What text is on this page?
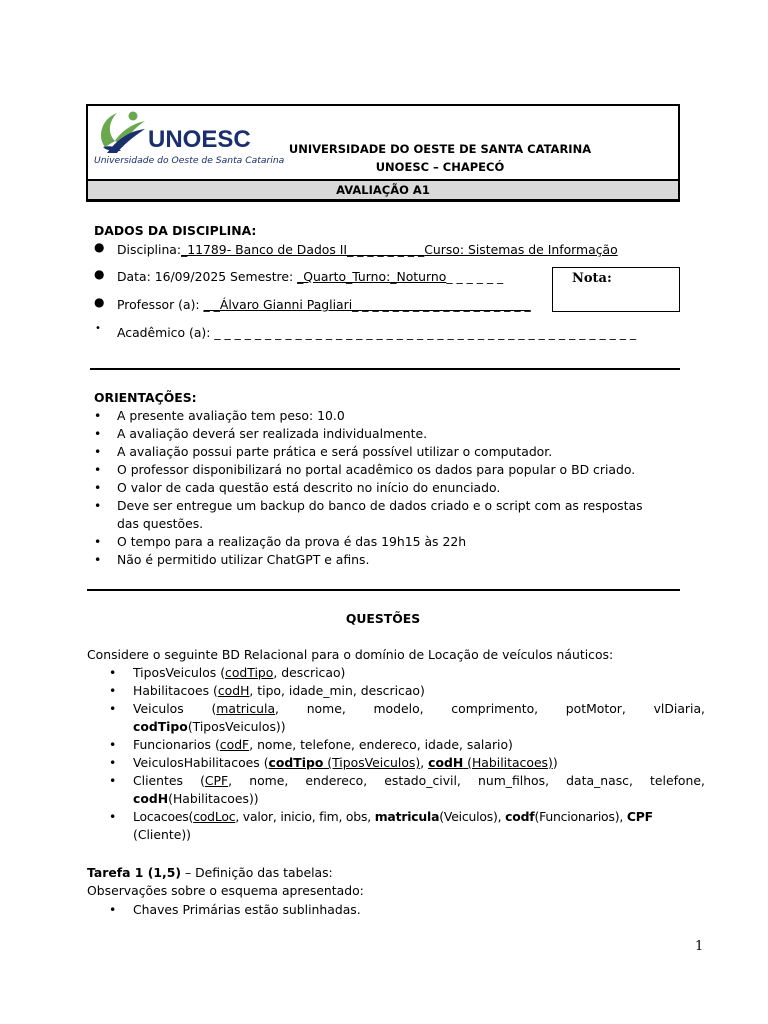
UNOESC
Universidade do Oeste de Santa Catarina
UNIVERSIDADE DO OESTE DE SANTA CATARINA
UNOESC – CHAPECÓ
AVALIAÇÃO A1
DADOS DA DISCIPLINA:
● Disciplina:_11789- Banco de Dados II_ _ _ _ _ _ _ _Curso: Sistemas de Informação
● Data: 16/09/2025 Semestre: _Quarto_Turno:_Noturno_ _ _ _ _ _	Nota:
● Professor (a): _ _Álvaro Gianni Pagliari_ _ _ _ _ _ _ _ _ _ _ _ _ _ _ _ _ _
• Acadêmico (a): _ _ _ _ _ _ _ _ _ _ _ _ _ _ _ _ _ _ _ _ _ _ _ _ _ _ _ _ _ _ _ _ _ _ _ _ _ _ _ _ _ _
ORIENTAÇÕES:
• A presente avaliação tem peso: 10.0
• A avaliação deverá ser realizada individualmente.
• A avaliação possui parte prática e será possível utilizar o computador.
• O professor disponibilizará no portal acadêmico os dados para popular o BD criado.
• O valor de cada questão está descrito no início do enunciado.
• Deve ser entregue um backup do banco de dados criado e o script com as respostas
das questões.
• O tempo para a realização da prova é das 19h15 às 22h
• Não é permitido utilizar ChatGPT e afins.
QUESTÕES
Considere o seguinte BD Relacional para o domínio de Locação de veículos náuticos:
• TiposVeiculos (codTipo, descricao)
• Habilitacoes (codH, tipo, idade_min, descricao)
• Veiculos (matricula, nome, modelo, comprimento, potMotor, vlDiaria,
codTipo(TiposVeiculos))
• Funcionarios (codF, nome, telefone, endereco, idade, salario)
• VeiculosHabilitacoes (codTipo (TiposVeiculos), codH (Habilitacoes))
• Clientes (CPF, nome, endereco, estado_civil, num_filhos, data_nasc, telefone,
codH(Habilitacoes))
• Locacoes(codLoc, valor, inicio, fim, obs, matricula(Veiculos), codf(Funcionarios), CPF
(Cliente))
Tarefa 1 (1,5) – Definição das tabelas:
Observações sobre o esquema apresentado:
• Chaves Primárias estão sublinhadas.
1
